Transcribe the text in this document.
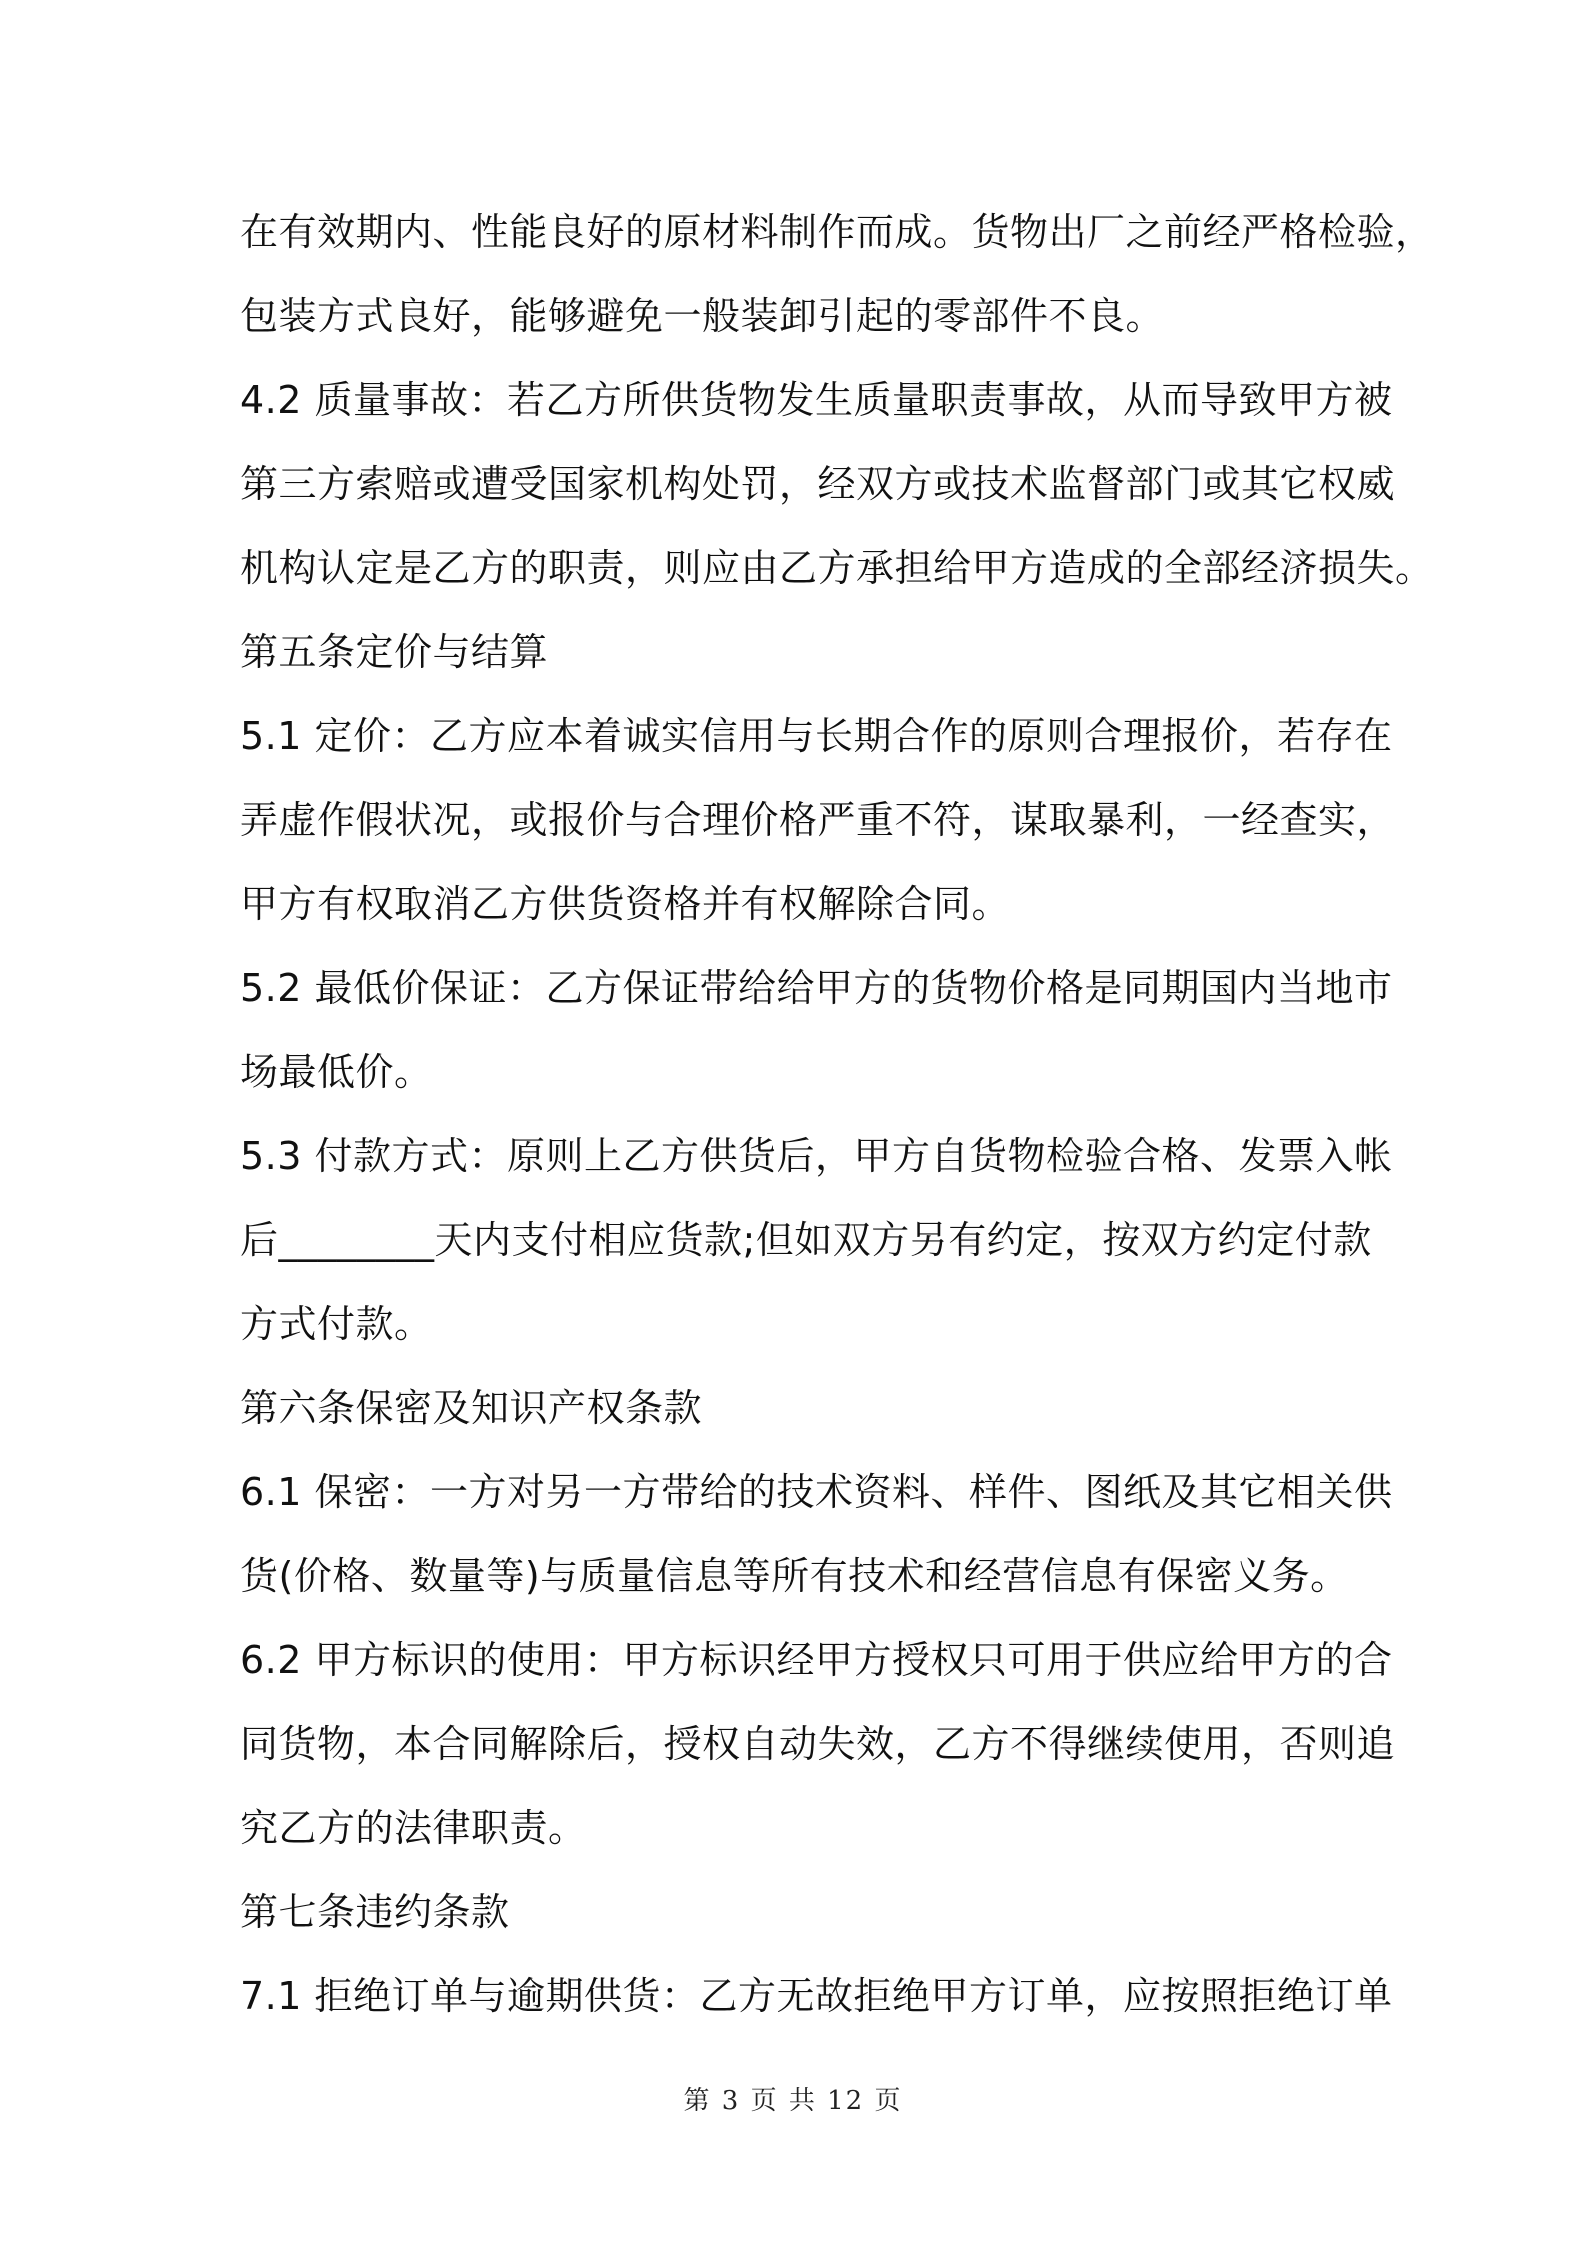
在有效期内、性能良好的原材料制作而成。货物出厂之前经严格检验，
包装方式良好，能够避免一般装卸引起的零部件不良。
4.2 质量事故：若乙方所供货物发生质量职责事故，从而导致甲方被
第三方索赔或遭受国家机构处罚，经双方或技术监督部门或其它权威
机构认定是乙方的职责，则应由乙方承担给甲方造成的全部经济损失。
第五条定价与结算
5.1 定价：乙方应本着诚实信用与长期合作的原则合理报价，若存在
弄虚作假状况，或报价与合理价格严重不符，谋取暴利，一经查实，
甲方有权取消乙方供货资格并有权解除合同。
5.2 最低价保证：乙方保证带给给甲方的货物价格是同期国内当地市
场最低价。
5.3 付款方式：原则上乙方供货后，甲方自货物检验合格、发票入帐
后________天内支付相应货款;但如双方另有约定，按双方约定付款
方式付款。
第六条保密及知识产权条款
6.1 保密：一方对另一方带给的技术资料、样件、图纸及其它相关供
货(价格、数量等)与质量信息等所有技术和经营信息有保密义务。
6.2 甲方标识的使用：甲方标识经甲方授权只可用于供应给甲方的合
同货物，本合同解除后，授权自动失效，乙方不得继续使用，否则追
究乙方的法律职责。
第七条违约条款
7.1 拒绝订单与逾期供货：乙方无故拒绝甲方订单，应按照拒绝订单
第 3 页 共 12 页
